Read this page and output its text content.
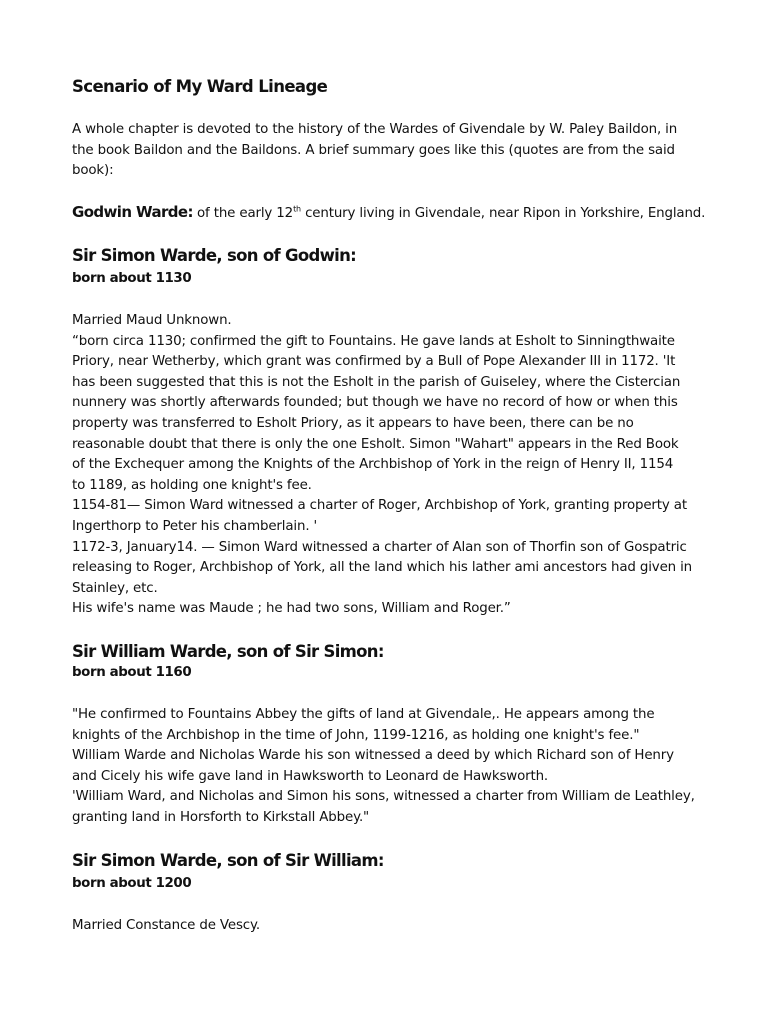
Scenario of My Ward Lineage

A whole chapter is devoted to the history of the Wardes of Givendale by W. Paley Baildon, in the book Baildon and the Baildons. A brief summary goes like this (quotes are from the said book):

Godwin Warde: of the early 12th century living in Givendale, near Ripon in Yorkshire, England.
Sir Simon Warde, son of Godwin:
born about 1130
Married Maud Unknown.
“born circa 1130; confirmed the gift to Fountains. He gave lands at Esholt to Sinningthwaite
Priory, near Wetherby, which grant was confirmed by a Bull of Pope Alexander III in 1172. 'It
has been suggested that this is not the Esholt in the parish of Guiseley, where the Cistercian
nunnery was shortly afterwards founded; but though we have no record of how or when this
property was transferred to Esholt Priory, as it appears to have been, there can be no
reasonable doubt that there is only the one Esholt. Simon "Wahart" appears in the Red Book
of the Exchequer among the Knights of the Archbishop of York in the reign of Henry II, 1154
to 1189, as holding one knight's fee.
1154-81— Simon Ward witnessed a charter of Roger, Archbishop of York, granting property at
Ingerthorp to Peter his chamberlain. '
1172-3, January14. — Simon Ward witnessed a charter of Alan son of Thorfin son of Gospatric
releasing to Roger, Archbishop of York, all the land which his lather ami ancestors had given in
Stainley, etc.
His wife's name was Maude ; he had two sons, William and Roger.”
Sir William Warde, son of Sir Simon:
born about 1160
"He confirmed to Fountains Abbey the gifts of land at Givendale,. He appears among the
knights of the Archbishop in the time of John, 1199-1216, as holding one knight's fee."
William Warde and Nicholas Warde his son witnessed a deed by which Richard son of Henry
and Cicely his wife gave land in Hawksworth to Leonard de Hawksworth.
'William Ward, and Nicholas and Simon his sons, witnessed a charter from William de Leathley,
granting land in Horsforth to Kirkstall Abbey."
Sir Simon Warde, son of Sir William:
born about 1200
Married Constance de Vescy.
